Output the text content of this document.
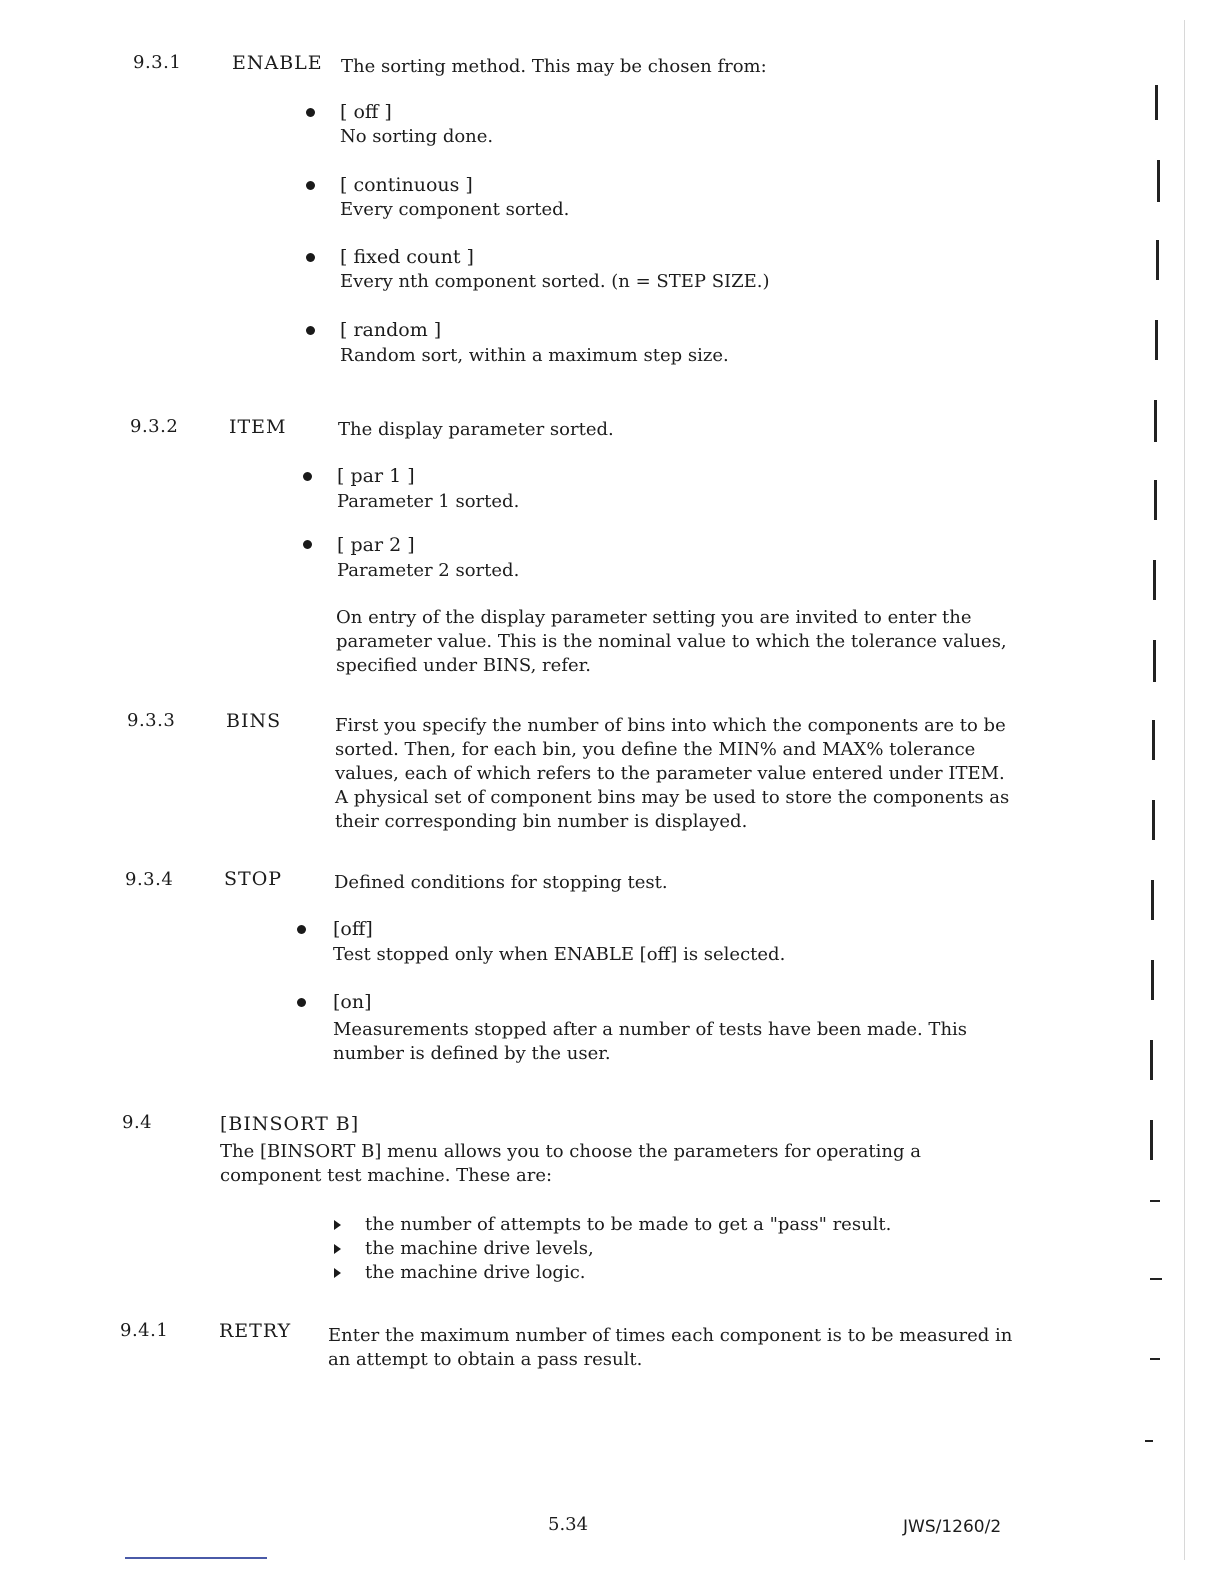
9.3.1	ENABLE The sorting method. This may be chosen from:
[ off ]
No sorting done.
[ continuous ]
Every component sorted.
[ fixed count ]
Every nth component sorted. (n = STEP SIZE.)
[ random ]
Random sort, within a maximum step size.
9.3.2	ITEM	The display parameter sorted.
[ par 1 ]
Parameter 1 sorted.
[ par 2 ]
Parameter 2 sorted.
On entry of the display parameter setting you are invited to enter the
parameter value. This is the nominal value to which the tolerance values,
specified under BINS, refer.
9.3.3	BINS	First you specify the number of bins into which the components are to be
sorted. Then, for each bin, you define the MIN% and MAX% tolerance
values, each of which refers to the parameter value entered under ITEM.
A physical set of component bins may be used to store the components as
their corresponding bin number is displayed.
9.3.4	STOP	Defined conditions for stopping test.
[off]
Test stopped only when ENABLE [off] is selected.
[on]
Measurements stopped after a number of tests have been made. This
number is defined by the user.
9.4	[BINSORT B]
The [BINSORT B] menu allows you to choose the parameters for operating a
component test machine. These are:
the number of attempts to be made to get a "pass" result.
the machine drive levels,
the machine drive logic.
9.4.1	RETRY Enter the maximum number of times each component is to be measured in
an attempt to obtain a pass result.
5.34	JWS/1260/2
